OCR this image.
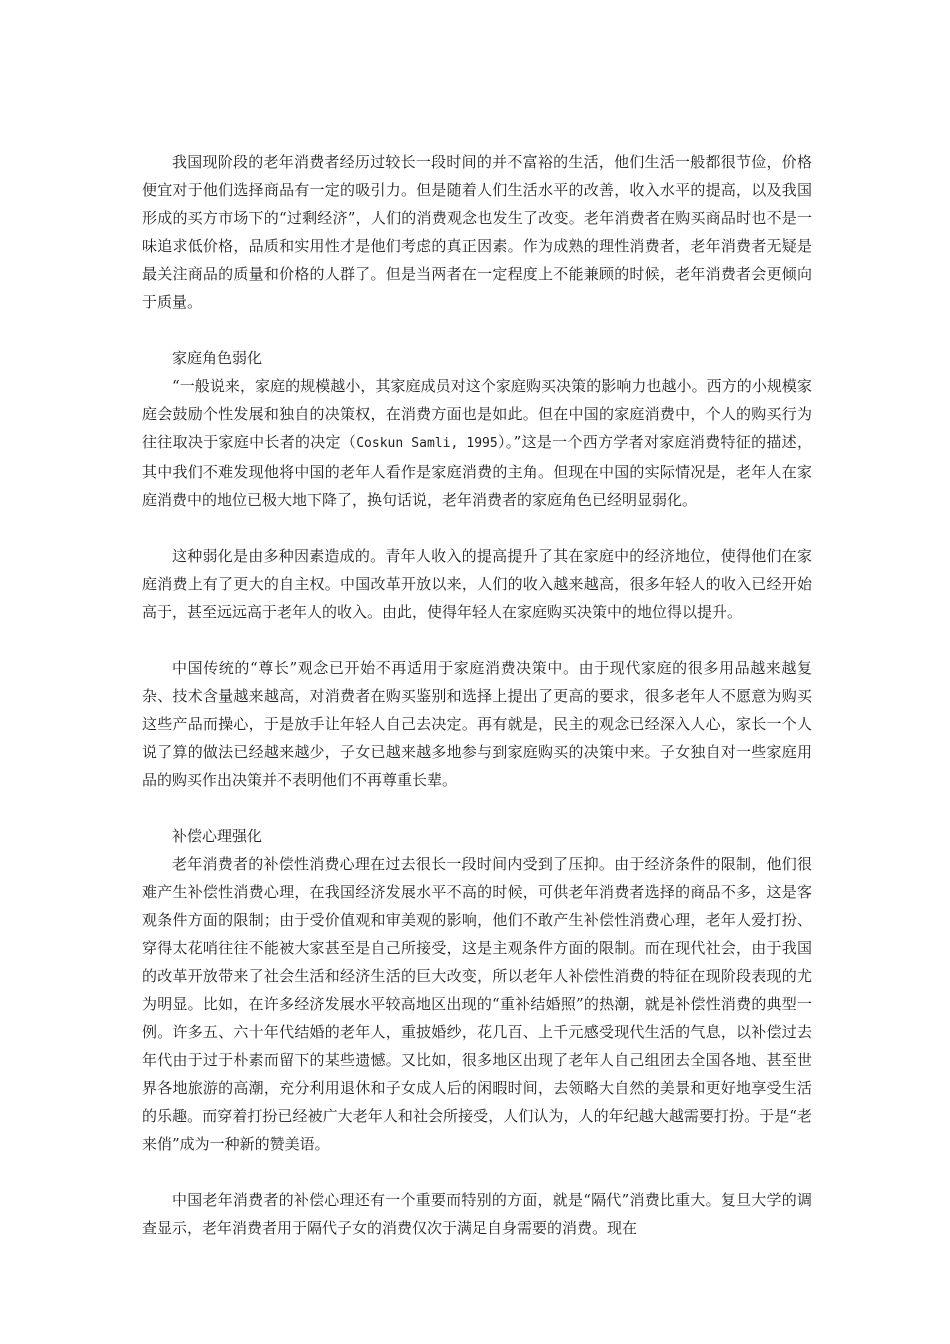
我国现阶段的老年消费者经历过较长一段时间的并不富裕的生活，他们生活一般都很节俭，价格便宜对于他们选择商品有一定的吸引力。但是随着人们生活水平的改善，收入水平的提高，以及我国形成的买方市场下的“过剩经济”，人们的消费观念也发生了改变。老年消费者在购买商品时也不是一味追求低价格，品质和实用性才是他们考虑的真正因素。作为成熟的理性消费者，老年消费者无疑是最关注商品的质量和价格的人群了。但是当两者在一定程度上不能兼顾的时候，老年消费者会更倾向于质量。

家庭角色弱化

“一般说来，家庭的规模越小，其家庭成员对这个家庭购买决策的影响力也越小。西方的小规模家庭会鼓励个性发展和独自的决策权，在消费方面也是如此。但在中国的家庭消费中，个人的购买行为往往取决于家庭中长者的决定（Coskun Samli, 1995）。”这是一个西方学者对家庭消费特征的描述，其中我们不难发现他将中国的老年人看作是家庭消费的主角。但现在中国的实际情况是，老年人在家庭消费中的地位已极大地下降了，换句话说，老年消费者的家庭角色已经明显弱化。

这种弱化是由多种因素造成的。青年人收入的提高提升了其在家庭中的经济地位，使得他们在家庭消费上有了更大的自主权。中国改革开放以来，人们的收入越来越高，很多年轻人的收入已经开始高于，甚至远远高于老年人的收入。由此，使得年轻人在家庭购买决策中的地位得以提升。

中国传统的“尊长”观念已开始不再适用于家庭消费决策中。由于现代家庭的很多用品越来越复杂、技术含量越来越高，对消费者在购买鉴别和选择上提出了更高的要求，很多老年人不愿意为购买这些产品而操心，于是放手让年轻人自己去决定。再有就是，民主的观念已经深入人心，家长一个人说了算的做法已经越来越少，子女已越来越多地参与到家庭购买的决策中来。子女独自对一些家庭用品的购买作出决策并不表明他们不再尊重长辈。

补偿心理强化

老年消费者的补偿性消费心理在过去很长一段时间内受到了压抑。由于经济条件的限制，他们很难产生补偿性消费心理，在我国经济发展水平不高的时候，可供老年消费者选择的商品不多，这是客观条件方面的限制；由于受价值观和审美观的影响，他们不敢产生补偿性消费心理，老年人爱打扮、穿得太花哨往往不能被大家甚至是自己所接受，这是主观条件方面的限制。而在现代社会，由于我国的改革开放带来了社会生活和经济生活的巨大改变，所以老年人补偿性消费的特征在现阶段表现的尤为明显。比如，在许多经济发展水平较高地区出现的“重补结婚照”的热潮，就是补偿性消费的典型一例。许多五、六十年代结婚的老年人，重披婚纱，花几百、上千元感受现代生活的气息，以补偿过去年代由于过于朴素而留下的某些遗憾。又比如，很多地区出现了老年人自己组团去全国各地、甚至世界各地旅游的高潮，充分利用退休和子女成人后的闲暇时间，去领略大自然的美景和更好地享受生活的乐趣。而穿着打扮已经被广大老年人和社会所接受，人们认为，人的年纪越大越需要打扮。于是“老来俏”成为一种新的赞美语。

中国老年消费者的补偿心理还有一个重要而特别的方面，就是“隔代”消费比重大。复旦大学的调查显示，老年消费者用于隔代子女的消费仅次于满足自身需要的消费。现在
